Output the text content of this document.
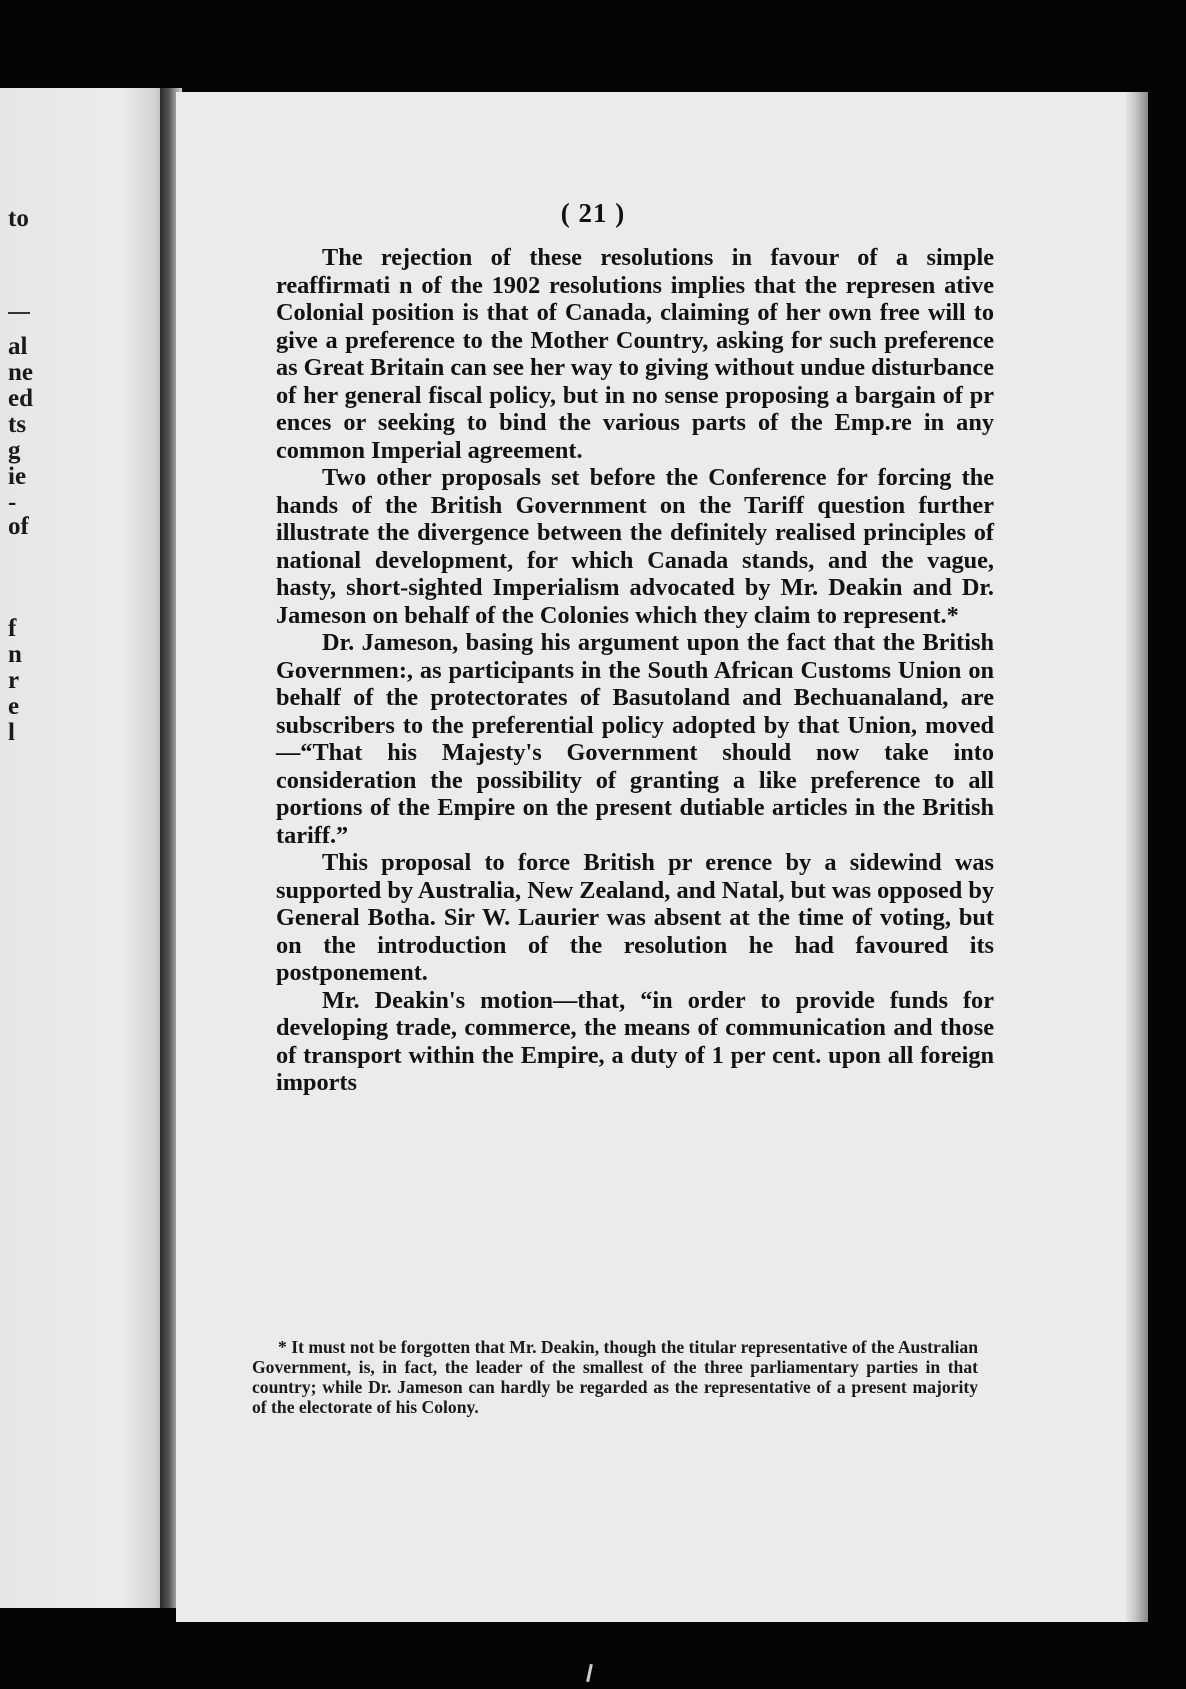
to
al
ne
ed
ts
g
ie
-
of
f
n
r
e
l
( 21 )

The rejection of these resolutions in favour of a simple reaffirmati n of the 1902 resolutions implies that the represen ative Colonial position is that of Canada, claiming of her own free will to give a preference to the Mother Country, asking for such preference as Great Britain can see her way to giving without undue disturbance of her general fiscal policy, but in no sense proposing a bargain of pr ences or seeking to bind the various parts of the Emp.re in any common Imperial agreement.

Two other proposals set before the Conference for forcing the hands of the British Government on the Tariff question further illustrate the divergence between the definitely realised principles of national development, for which Canada stands, and the vague, hasty, short-sighted Imperialism advocated by Mr. Deakin and Dr. Jameson on behalf of the Colonies which they claim to represent.*

Dr. Jameson, basing his argument upon the fact that the British Governmen:, as participants in the South African Customs Union on behalf of the protectorates of Basutoland and Bechuanaland, are subscribers to the preferential policy adopted by that Union, moved—“That his Majesty's Government should now take into consideration the possibility of granting a like preference to all portions of the Empire on the present dutiable articles in the British tariff.”

This proposal to force British pr erence by a sidewind was supported by Australia, New Zealand, and Natal, but was opposed by General Botha. Sir W. Laurier was absent at the time of voting, but on the introduction of the resolution he had favoured its postponement.

Mr. Deakin's motion—that, “in order to provide funds for developing trade, commerce, the means of communication and those of transport within the Empire, a duty of 1 per cent. upon all foreign imports

* It must not be forgotten that Mr. Deakin, though the titular representative of the Australian Government, is, in fact, the leader of the smallest of the three parliamentary parties in that country; while Dr. Jameson can hardly be regarded as the representative of a present majority of the electorate of his Colony.
